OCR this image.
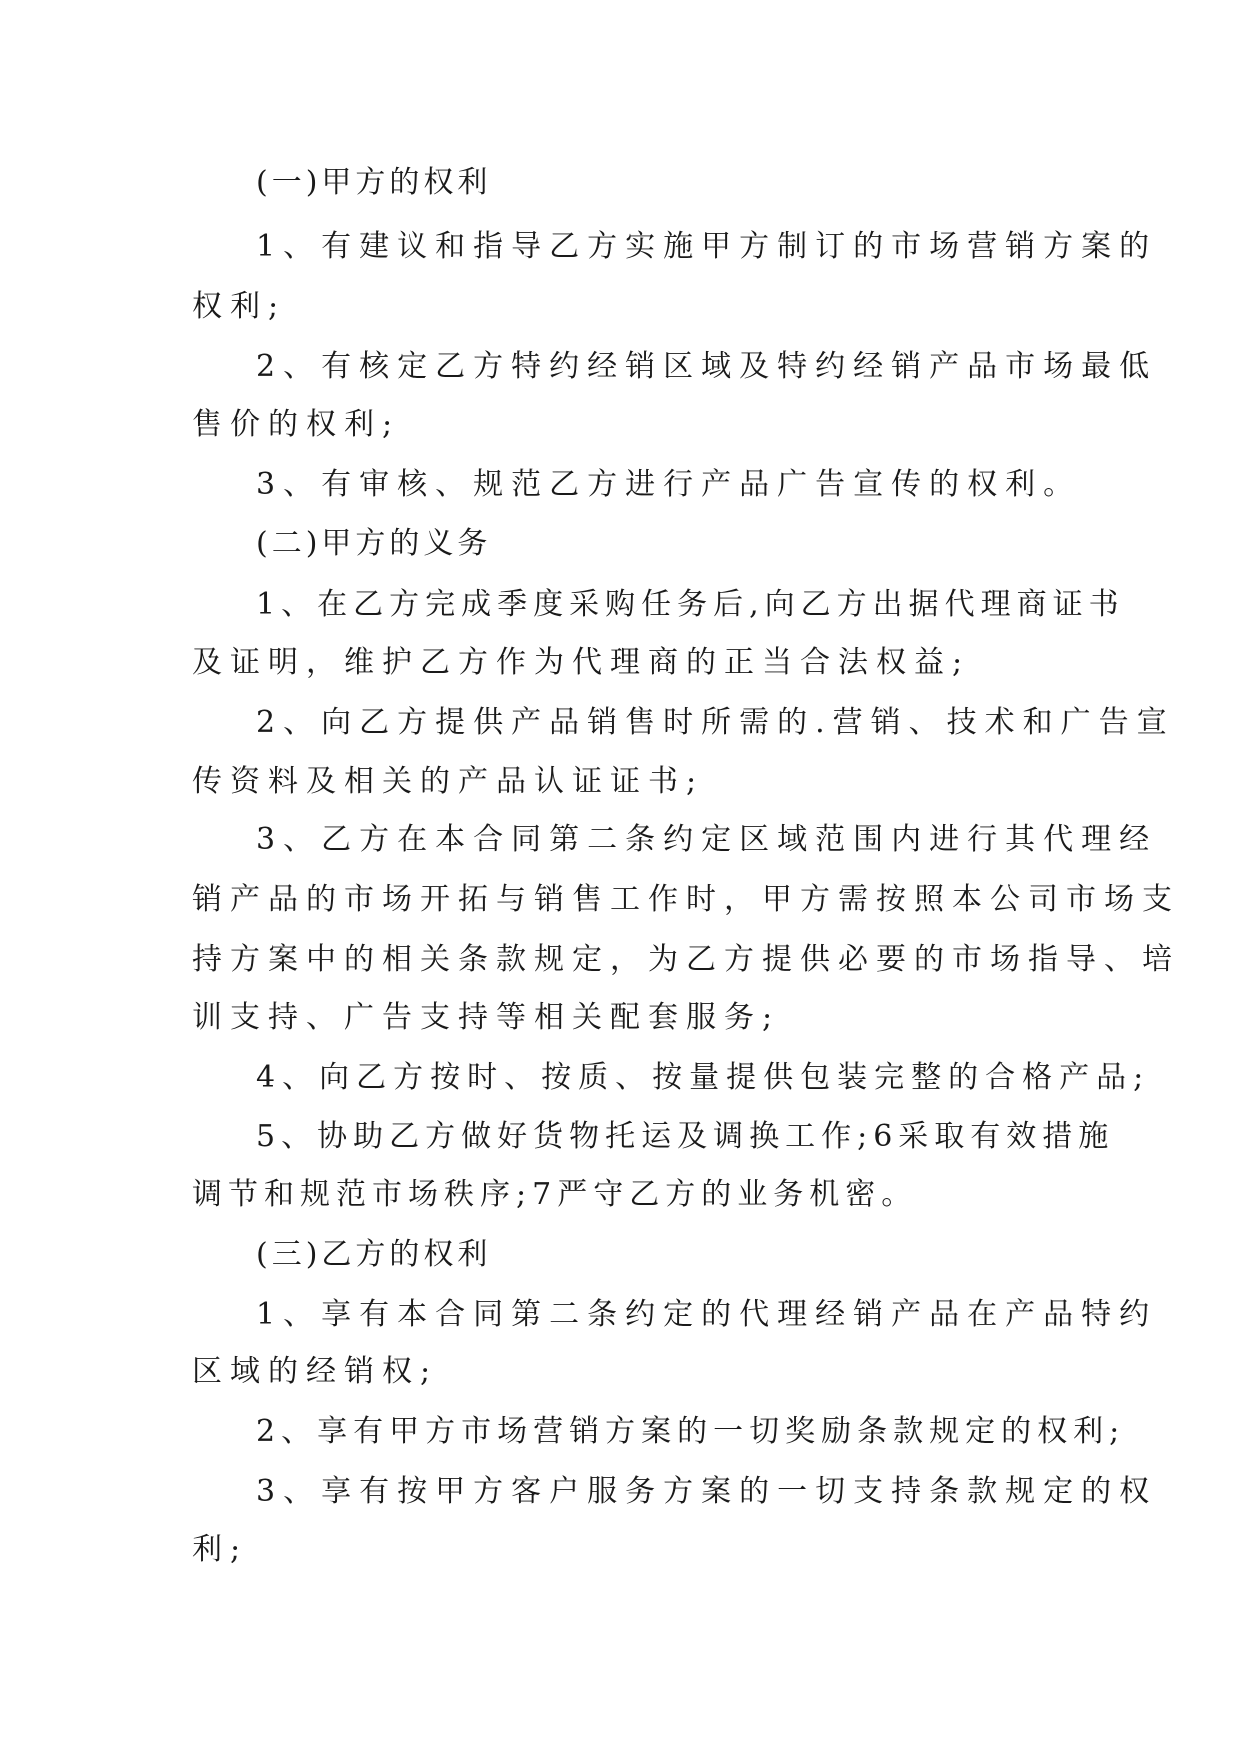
(一)甲方的权利
1、有建议和指导乙方实施甲方制订的市场营销方案的
权利;
2、有核定乙方特约经销区域及特约经销产品市场最低
售价的权利;
3、有审核、规范乙方进行产品广告宣传的权利。
(二)甲方的义务
1、在乙方完成季度采购任务后,向乙方出据代理商证书
及证明，维护乙方作为代理商的正当合法权益;
2、向乙方提供产品销售时所需的.营销、技术和广告宣
传资料及相关的产品认证证书;
3、乙方在本合同第二条约定区域范围内进行其代理经
销产品的市场开拓与销售工作时，甲方需按照本公司市场支
持方案中的相关条款规定，为乙方提供必要的市场指导、培
训支持、广告支持等相关配套服务;
4、向乙方按时、按质、按量提供包装完整的合格产品;
5、协助乙方做好货物托运及调换工作;6采取有效措施
调节和规范市场秩序;7严守乙方的业务机密。
(三)乙方的权利
1、享有本合同第二条约定的代理经销产品在产品特约
区域的经销权;
2、享有甲方市场营销方案的一切奖励条款规定的权利;
3、享有按甲方客户服务方案的一切支持条款规定的权
利;
